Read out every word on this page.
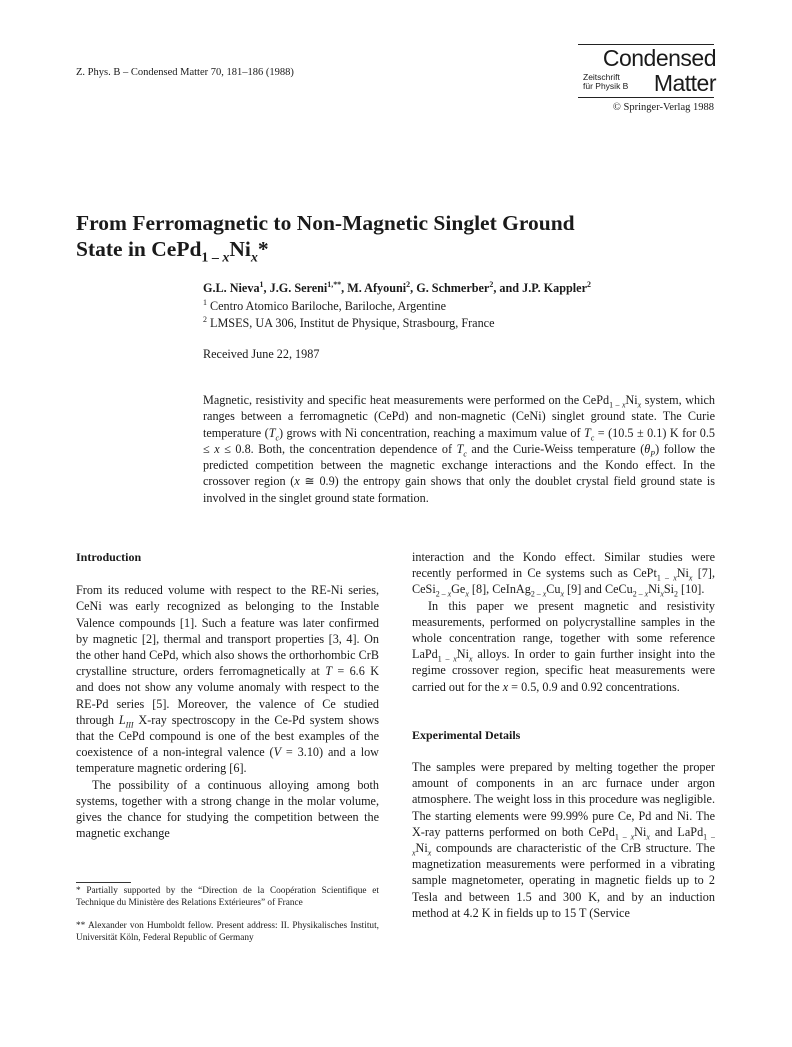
Z. Phys. B – Condensed Matter 70, 181–186 (1988)
Condensed
Zeitschrift
für Physik B	Matter
© Springer-Verlag 1988
From Ferromagnetic to Non-Magnetic Singlet Ground
State in $CePd_{1 - x}Ni_x*$
G.L. Nieva$^1$, J.G. Sereni$^{1,**}$, M. Afyouni$^2$, G. Schmerber$^2$, and J.P. Kappler$^2$
$^1$ Centro Atomico Bariloche, Bariloche, Argentine
$^2$ LMSES, UA 306, Institut de Physique, Strasbourg, France
Received June 22, 1987

Magnetic, resistivity and specific heat measurements were performed on the $CePd_{1 - x}Ni_x$ system, which ranges between a ferromagnetic (CePd) and non-magnetic (CeNi) singlet ground state. The Curie temperature $(T_c)$ grows with Ni concentration, reaching a maximum value of $T_c = (10.5 \pm 0.1)$ K for 0.5 ≤ x ≤ 0.8. Both, the concentration dependence of $T_c$ and the Curie-Weiss temperature $(\theta_P)$ follow the predicted competition between the magnetic exchange interactions and the Kondo effect. In the crossover region (x ≅ 0.9) the entropy gain shows that only the doublet crystal field ground state is involved in the singlet ground state formation.

Introduction

From its reduced volume with respect to the RE-Ni series, CeNi was early recognized as belonging to the Instable Valence compounds [1]. Such a feature was later confirmed by magnetic [2], thermal and transport properties [3, 4]. On the other hand CePd, which also shows the orthorhombic CrB crystalline structure, orders ferromagnetically at T = 6.6 K and does not show any volume anomaly with respect to the RE-Pd series [5]. Moreover, the valence of Ce studied through $L_{III}$ X-ray spectroscopy in the Ce-Pd system shows that the CePd compound is one of the best examples of the coexistence of a non-integral valence (V = 3.10) and a low temperature magnetic ordering [6].

The possibility of a continuous alloying among both systems, together with a strong change in the molar volume, gives the chance for studying the competition between the magnetic exchange

* Partially supported by the “Direction de la Coopération Scientifique et Technique du Ministère des Relations Extérieures” of France

** Alexander von Humboldt fellow. Present address: II. Physikalisches Institut, Universität Köln, Federal Republic of Germany

interaction and the Kondo effect. Similar studies were recently performed in Ce systems such as $CePt_{1 - x}Ni_x$ [7], $CeSi_{2 - x}Ge_x$ [8], $CeInAg_{2 - x}Cu_x$ [9] and $CeCu_{2 - x}Ni_xSi_2$ [10].

In this paper we present magnetic and resistivity measurements, performed on polycrystalline samples in the whole concentration range, together with some reference $LaPd_{1 - x}Ni_x$ alloys. In order to gain further insight into the regime crossover region, specific heat measurements were carried out for the x = 0.5, 0.9 and 0.92 concentrations.

Experimental Details

The samples were prepared by melting together the proper amount of components in an arc furnace under argon atmosphere. The weight loss in this procedure was negligible. The starting elements were 99.99% pure Ce, Pd and Ni. The X-ray patterns performed on both $CePd_{1 - x}Ni_x$ and $LaPd_{1 - x}Ni_x$ compounds are characteristic of the CrB structure. The magnetization measurements were performed in a vibrating sample magnetometer, operating in magnetic fields up to 2 Tesla and between 1.5 and 300 K, and by an induction method at 4.2 K in fields up to 15 T (Service
